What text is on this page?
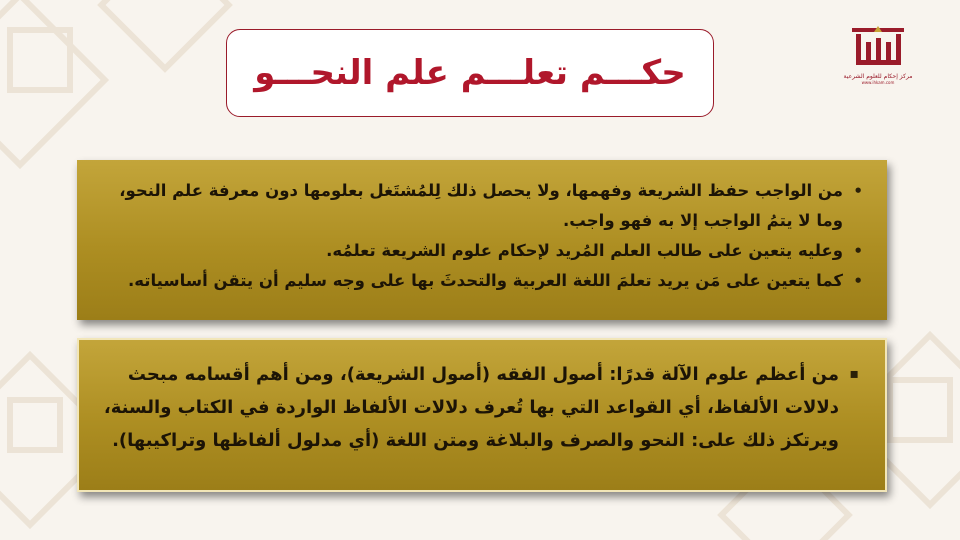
مركز إحكام للعلوم الشرعية
www.ihkam.com
حكـــم تعلـــم علم النحـــو
• من الواجب حفظ الشريعة وفهمها، ولا يحصل ذلك لِلمُشتَغل بعلومها دون معرفة علم النحو، وما لا يتمُ الواجب إلا به فهو واجب.
• وعليه يتعين على طالب العلم المُريد لإحكام علوم الشريعة تعلمُه.
• كما يتعين على مَن يريد تعلمَ اللغة العربية والتحدثَ بها على وجه سليم أن يتقن أساسياته.
▪ من أعظم علوم الآلة قدرًا: أصول الفقه (أصول الشريعة)، ومن أهم أقسامه مبحث دلالات الألفاظ، أي القواعد التي بها تُعرف دلالات الألفاظ الواردة في الكتاب والسنة، ويرتكز ذلك على: النحو والصرف والبلاغة ومتن اللغة (أي مدلول ألفاظها وتراكيبها).
